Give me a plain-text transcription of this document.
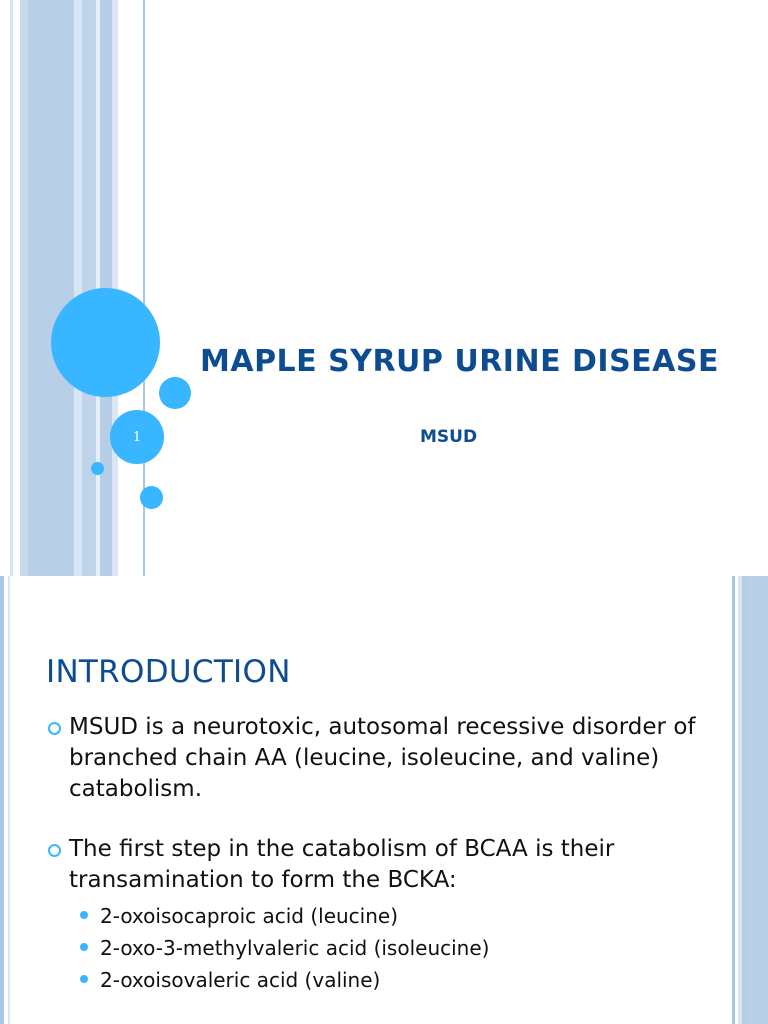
1
MAPLE SYRUP URINE DISEASE

MSUD

INTRODUCTION
MSUD is a neurotoxic, autosomal recessive disorder of branched chain AA (leucine, isoleucine, and valine) catabolism.
The first step in the catabolism of BCAA is their transamination to form the BCKA:
2-oxoisocaproic acid (leucine)
2-oxo-3-methylvaleric acid (isoleucine)
2-oxoisovaleric acid (valine)
